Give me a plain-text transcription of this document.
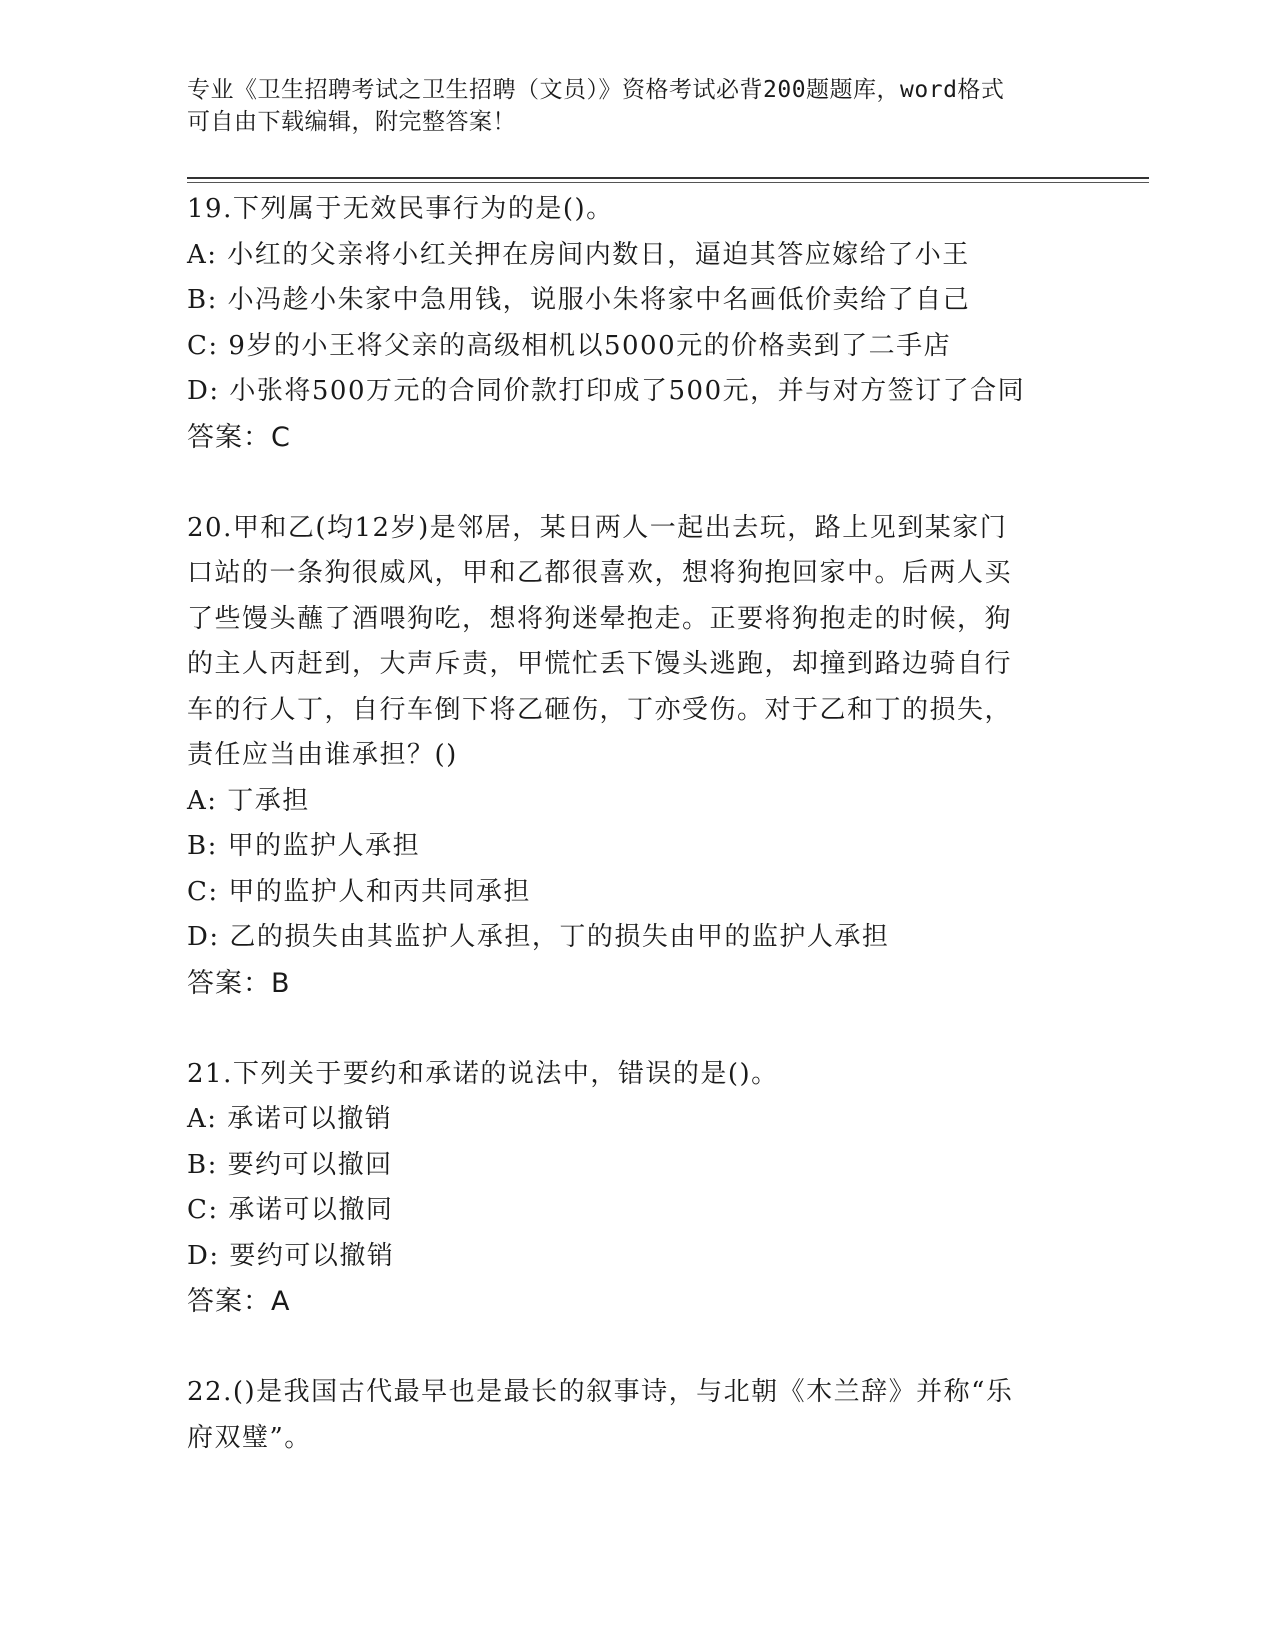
专业《卫生招聘考试之卫生招聘（文员）》资格考试必背200题题库，word格式
可自由下载编辑，附完整答案！
19.下列属于无效民事行为的是()。
A: 小红的父亲将小红关押在房间内数日，逼迫其答应嫁给了小王
B: 小冯趁小朱家中急用钱，说服小朱将家中名画低价卖给了自己
C: 9岁的小王将父亲的高级相机以5000元的价格卖到了二手店
D: 小张将500万元的合同价款打印成了500元，并与对方签订了合同
答案：C
20.甲和乙(均12岁)是邻居，某日两人一起出去玩，路上见到某家门
口站的一条狗很威风，甲和乙都很喜欢，想将狗抱回家中。后两人买
了些馒头蘸了酒喂狗吃，想将狗迷晕抱走。正要将狗抱走的时候，狗
的主人丙赶到，大声斥责，甲慌忙丢下馒头逃跑，却撞到路边骑自行
车的行人丁，自行车倒下将乙砸伤，丁亦受伤。对于乙和丁的损失，
责任应当由谁承担？()
A: 丁承担
B: 甲的监护人承担
C: 甲的监护人和丙共同承担
D: 乙的损失由其监护人承担，丁的损失由甲的监护人承担
答案：B
21.下列关于要约和承诺的说法中，错误的是()。
A: 承诺可以撤销
B: 要约可以撤回
C: 承诺可以撤同
D: 要约可以撤销
答案：A
22.()是我国古代最早也是最长的叙事诗，与北朝《木兰辞》并称“乐
府双璧”。
